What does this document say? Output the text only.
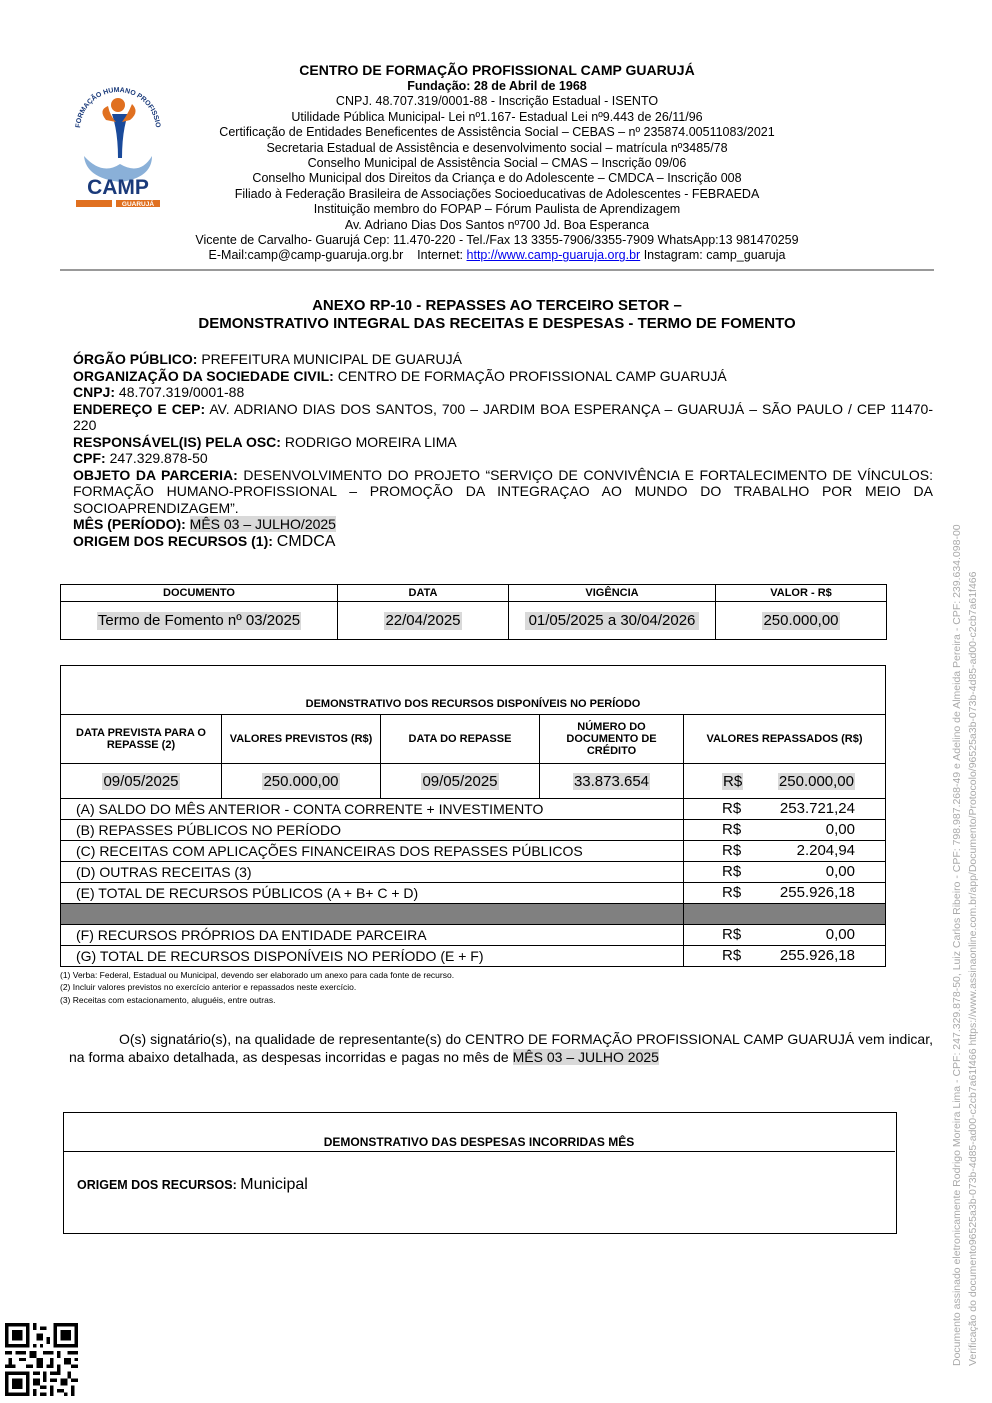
FORMAÇÃO HUMANO PROFISSIO
CAMP
GUARUJÁ
CENTRO DE FORMAÇÃO PROFISSIONAL CAMP GUARUJÁ
Fundação: 28 de Abril de 1968
CNPJ. 48.707.319/0001-88 - Inscrição Estadual - ISENTO
Utilidade Pública Municipal- Lei nº1.167- Estadual Lei nº9.443 de 26/11/96
Certificação de Entidades Beneficentes de Assistência Social – CEBAS – nº 235874.00511083/2021
Secretaria Estadual de Assistência e desenvolvimento social – matrícula nº3485/78
Conselho Municipal de Assistência Social – CMAS – Inscrição 09/06
Conselho Municipal dos Direitos da Criança e do Adolescente – CMDCA – Inscrição 008
Filiado à Federação Brasileira de Associações Socioeducativas de Adolescentes - FEBRAEDA
Instituição membro do FOPAP – Fórum Paulista de Aprendizagem
Av. Adriano Dias Dos Santos nº700 Jd. Boa Esperanca
Vicente de Carvalho- Guarujá Cep: 11.470-220 - Tel./Fax 13 3355-7906/3355-7909 WhatsApp:13 981470259
E-Mail:camp@camp-guaruja.org.br Internet: http://www.camp-guaruja.org.br Instagram: camp_guaruja
ANEXO RP-10 - REPASSES AO TERCEIRO SETOR –
DEMONSTRATIVO INTEGRAL DAS RECEITAS E DESPESAS - TERMO DE FOMENTO
ÓRGÃO PÚBLICO: PREFEITURA MUNICIPAL DE GUARUJÁ
ORGANIZAÇÃO DA SOCIEDADE CIVIL: CENTRO DE FORMAÇÃO PROFISSIONAL CAMP GUARUJÁ
CNPJ: 48.707.319/0001-88
ENDEREÇO E CEP: AV. ADRIANO DIAS DOS SANTOS, 700 – JARDIM BOA ESPERANÇA – GUARUJÁ – SÃO PAULO / CEP 11470-220
RESPONSÁVEL(IS) PELA OSC: RODRIGO MOREIRA LIMA
CPF: 247.329.878-50
OBJETO DA PARCERIA: DESENVOLVIMENTO DO PROJETO “SERVIÇO DE CONVIVÊNCIA E FORTALECIMENTO DE VÍNCULOS: FORMAÇÃO HUMANO-PROFISSIONAL – PROMOÇÃO DA INTEGRAÇAO AO MUNDO DO TRABALHO POR MEIO DA SOCIOAPRENDIZAGEM”.
MÊS (PERÍODO): MÊS 03 – JULHO/2025
ORIGEM DOS RECURSOS (1): CMDCA
DOCUMENTO	DATA	VIGÊNCIA	VALOR - R$
Termo de Fomento nº 03/2025	22/04/2025	01/05/2025 a 30/04/2026	250.000,00
DEMONSTRATIVO DOS RECURSOS DISPONÍVEIS NO PERÍODO				
DATA PREVISTA PARA O REPASSE (2)	VALORES PREVISTOS (R$)	DATA DO REPASSE	NÚMERO DO DOCUMENTO DE CRÉDITO	VALORES REPASSADOS (R$)
09/05/2025	250.000,00	09/05/2025	33.873.654	R$ 250.000,00

(A) SALDO DO MÊS ANTERIOR - CONTA CORRENTE + INVESTIMENTO				R$ 253.721,24

(B) REPASSES PÚBLICOS NO PERÍODO				R$ 0,00

(C) RECEITAS COM APLICAÇÕES FINANCEIRAS DOS REPASSES PÚBLICOS				R$ 2.204,94

(D) OUTRAS RECEITAS (3)				R$ 0,00

(E) TOTAL DE RECURSOS PÚBLICOS (A + B+ C + D)				R$ 255.926,18

(F) RECURSOS PRÓPRIOS DA ENTIDADE PARCEIRA				R$ 0,00

(G) TOTAL DE RECURSOS DISPONÍVEIS NO PERÍODO (E + F)				R$ 255.926,18
(1) Verba: Federal, Estadual ou Municipal, devendo ser elaborado um anexo para cada fonte de recurso.
(2) Incluir valores previstos no exercício anterior e repassados neste exercício.
(3) Receitas com estacionamento, aluguéis, entre outras.
O(s) signatário(s), na qualidade de representante(s) do CENTRO DE FORMAÇÃO PROFISSIONAL CAMP GUARUJÁ vem indicar, na forma abaixo detalhada, as despesas incorridas e pagas no mês de MÊS 03 – JULHO 2025
DEMONSTRATIVO DAS DESPESAS INCORRIDAS MÊS
ORIGEM DOS RECURSOS: Municipal	Documento assinado eletronicamente Rodrigo Moreira Lima - CPF: 247.329.878-50, Luiz Carlos Ribeiro - CPF: 798.987.268-49 e Adelino de Almeida Pereira - CPF: 239.634.098-00 Verificação do documento96525a3b-073b-4d85-ad00-c2cb7a61f466 https://www.assinaonline.com.br/app/Documento/Protocolo/96525a3b-073b-4d85-ad00-c2cb7a61f466
